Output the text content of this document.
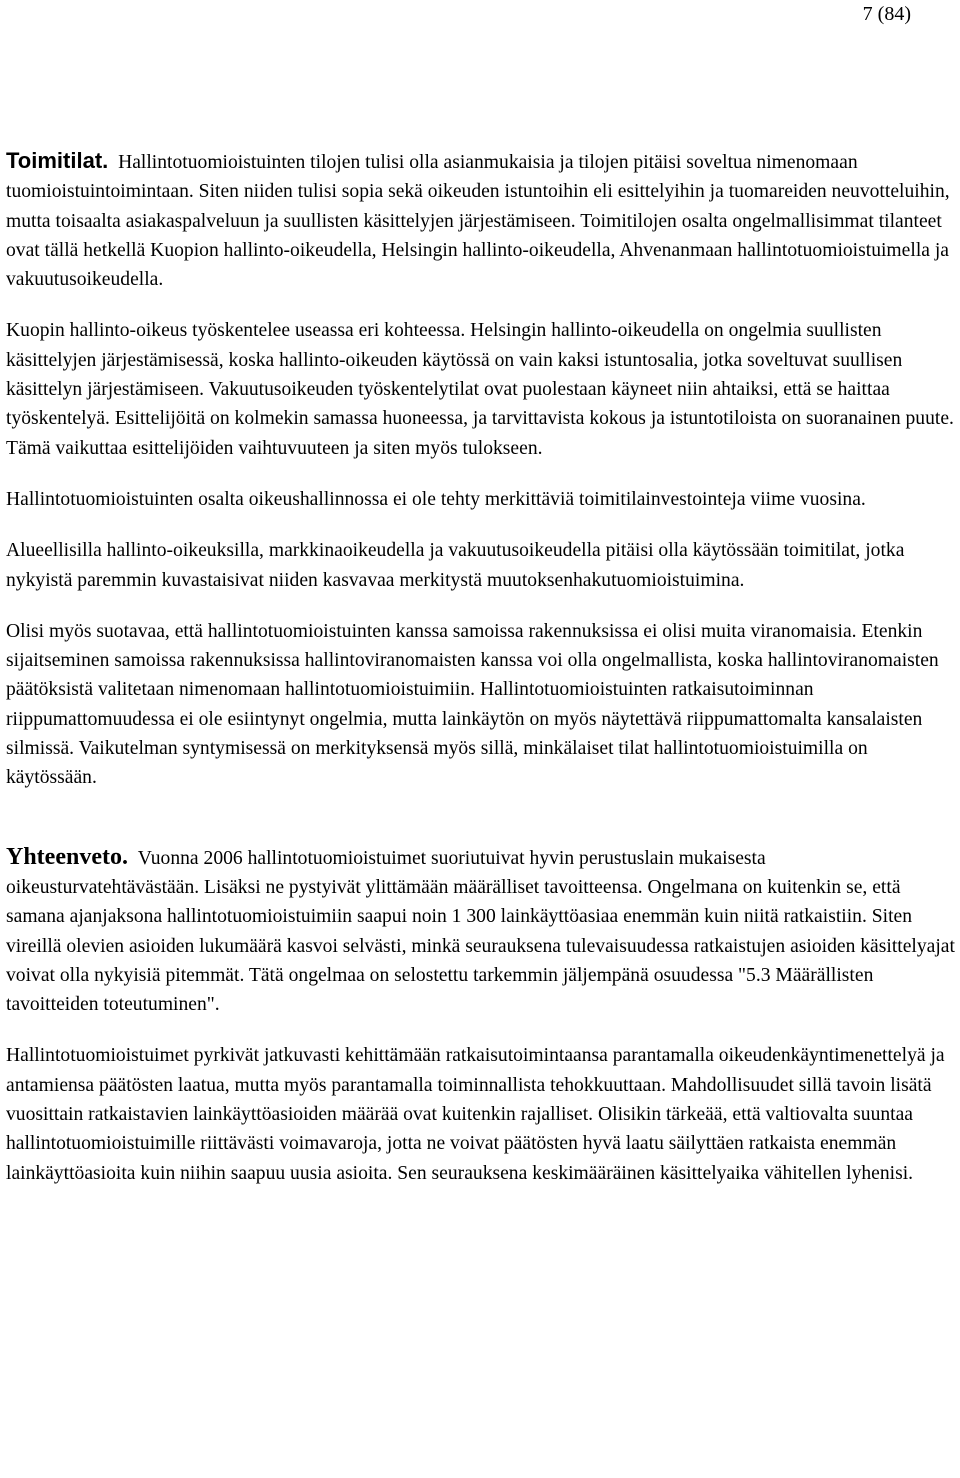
7 (84)

Toimitilat. Hallintotuomioistuinten tilojen tulisi olla asianmukaisia ja tilojen pitäisi soveltua nimenomaan tuomioistuintoimintaan. Siten niiden tulisi sopia sekä oikeuden istuntoihin eli esittelyihin ja tuomareiden neuvotteluihin, mutta toisaalta asiakaspalveluun ja suullisten käsittelyjen järjestämiseen. Toimitilojen osalta ongelmallisimmat tilanteet ovat tällä hetkellä Kuopion hallinto-oikeudella, Helsingin hallinto-oikeudella, Ahvenanmaan hallintotuomioistuimella ja vakuutusoikeudella.

Kuopin hallinto-oikeus työskentelee useassa eri kohteessa. Helsingin hallinto-oikeudella on ongelmia suullisten käsittelyjen järjestämisessä, koska hallinto-oikeuden käytössä on vain kaksi istuntosalia, jotka soveltuvat suullisen käsittelyn järjestämiseen. Vakuutusoikeuden työskentelytilat ovat puolestaan käyneet niin ahtaiksi, että se haittaa työskentelyä. Esittelijöitä on kolmekin samassa huoneessa, ja tarvittavista kokous ja istuntotiloista on suoranainen puute. Tämä vaikuttaa esittelijöiden vaihtuvuuteen ja siten myös tulokseen.

Hallintotuomioistuinten osalta oikeushallinnossa ei ole tehty merkittäviä toimitilainvestointeja viime vuosina.

Alueellisilla hallinto-oikeuksilla, markkinaoikeudella ja vakuutusoikeudella pitäisi olla käytössään toimitilat, jotka nykyistä paremmin kuvastaisivat niiden kasvavaa merkitystä muutoksenhakutuomioistuimina.

Olisi myös suotavaa, että hallintotuomioistuinten kanssa samoissa rakennuksissa ei olisi muita viranomaisia. Etenkin sijaitseminen samoissa rakennuksissa hallintoviranomaisten kanssa voi olla ongelmallista, koska hallintoviranomaisten päätöksistä valitetaan nimenomaan hallintotuomioistuimiin. Hallintotuomioistuinten ratkaisutoiminnan riippumattomuudessa ei ole esiintynyt ongelmia, mutta lainkäytön on myös näytettävä riippumattomalta kansalaisten silmissä. Vaikutelman syntymisessä on merkityksensä myös sillä, minkälaiset tilat hallintotuomioistuimilla on käytössään.

Yhteenveto. Vuonna 2006 hallintotuomioistuimet suoriutuivat hyvin perustuslain mukaisesta oikeusturvatehtävästään. Lisäksi ne pystyivät ylittämään määrälliset tavoitteensa. Ongelmana on kuitenkin se, että samana ajanjaksona hallintotuomioistuimiin saapui noin 1 300 lainkäyttöasiaa enemmän kuin niitä ratkaistiin. Siten vireillä olevien asioiden lukumäärä kasvoi selvästi, minkä seurauksena tulevaisuudessa ratkaistujen asioiden käsittelyajat voivat olla nykyisiä pitemmät. Tätä ongelmaa on selostettu tarkemmin jäljempänä osuudessa "5.3 Määrällisten tavoitteiden toteutuminen".

Hallintotuomioistuimet pyrkivät jatkuvasti kehittämään ratkaisutoimintaansa parantamalla oikeudenkäyntimenettelyä ja antamiensa päätösten laatua, mutta myös parantamalla toiminnallista tehokkuuttaan. Mahdollisuudet sillä tavoin lisätä vuosittain ratkaistavien lainkäyttöasioiden määrää ovat kuitenkin rajalliset. Olisikin tärkeää, että valtiovalta suuntaa hallintotuomioistuimille riittävästi voimavaroja, jotta ne voivat päätösten hyvä laatu säilyttäen ratkaista enemmän lainkäyttöasioita kuin niihin saapuu uusia asioita. Sen seurauksena keskimääräinen käsittelyaika vähitellen lyhenisi.
